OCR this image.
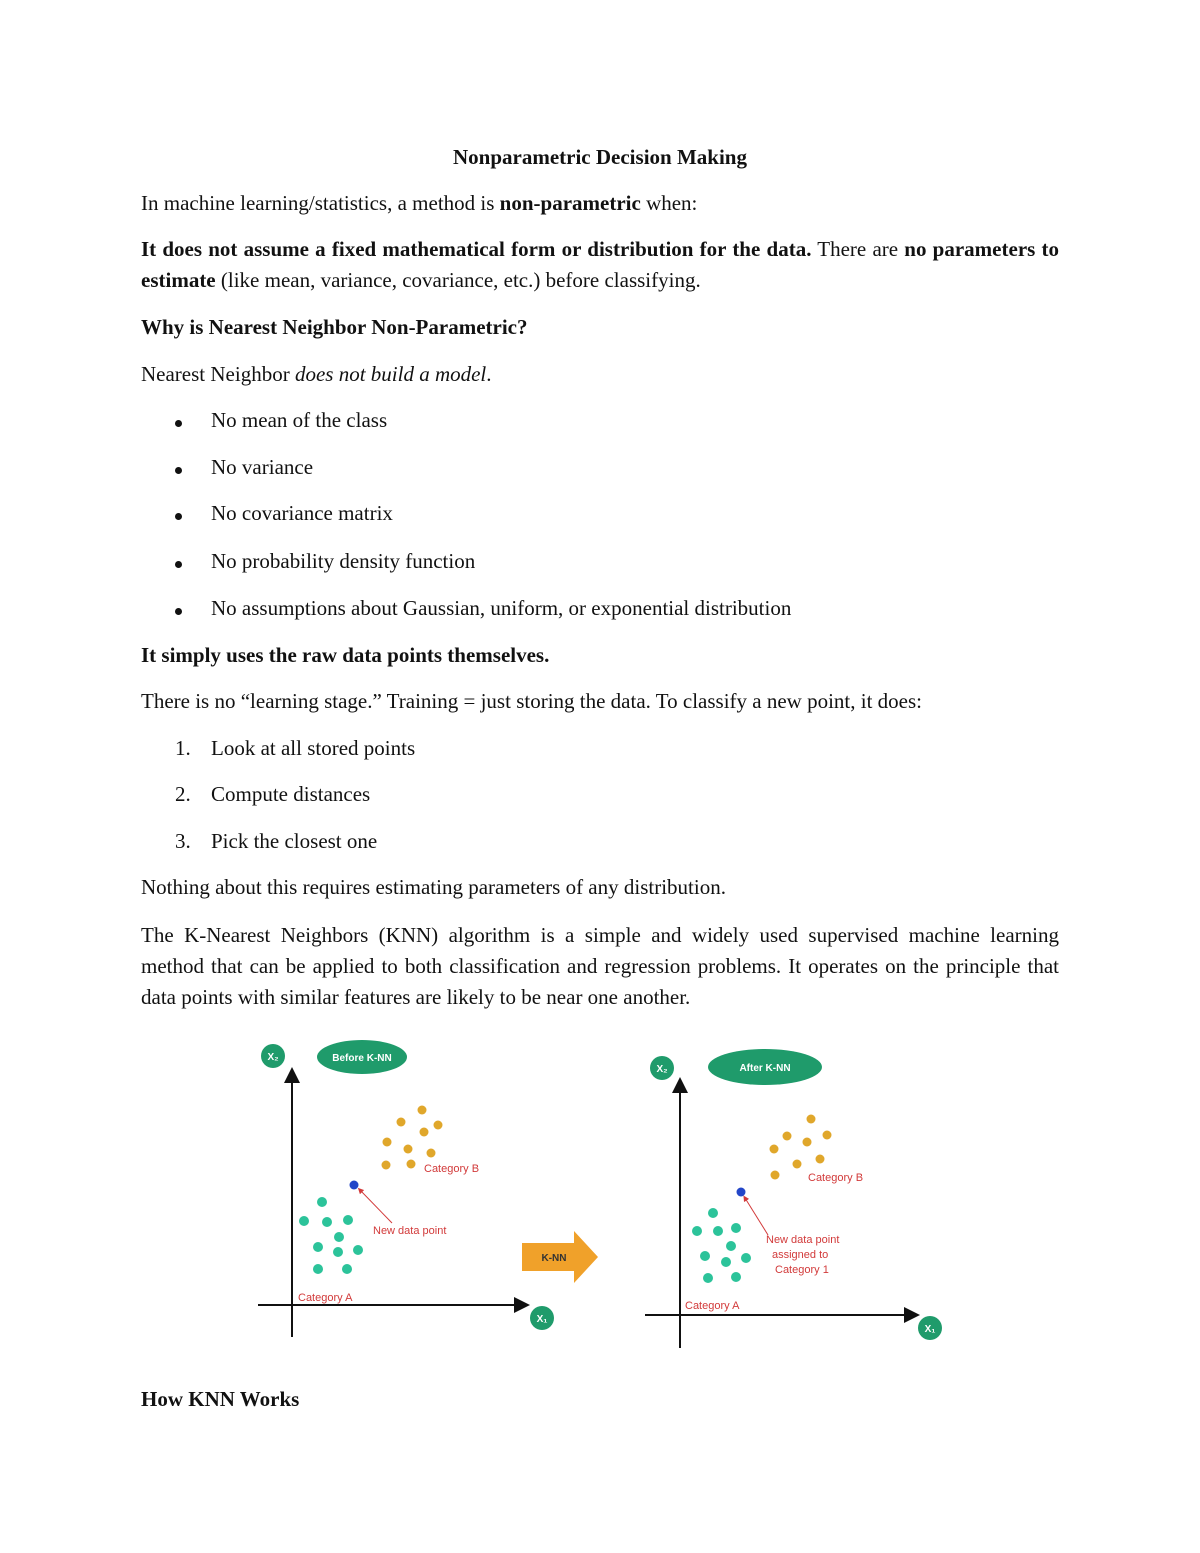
Nonparametric Decision Making

In machine learning/statistics, a method is non-parametric when:

It does not assume a fixed mathematical form or distribution for the data. There are no parameters to estimate (like mean, variance, covariance, etc.) before classifying.

Why is Nearest Neighbor Non-Parametric?

Nearest Neighbor does not build a model.

No mean of the class
No variance
No covariance matrix
No probability density function
No assumptions about Gaussian, uniform, or exponential distribution

It simply uses the raw data points themselves.

There is no “learning stage.” Training = just storing the data. To classify a new point, it does:

1. Look at all stored points
2. Compute distances
3. Pick the closest one

Nothing about this requires estimating parameters of any distribution.

The K-Nearest Neighbors (KNN) algorithm is a simple and widely used supervised machine learning method that can be applied to both classification and regression problems. It operates on the principle that data points with similar features are likely to be near one another.

X₂
X₁
Before K-NN
Category B
New data point
Category A
K-NN
X₂
X₁
After K-NN
Category B
New data point
assigned to
Category 1
Category A

How KNN Works
